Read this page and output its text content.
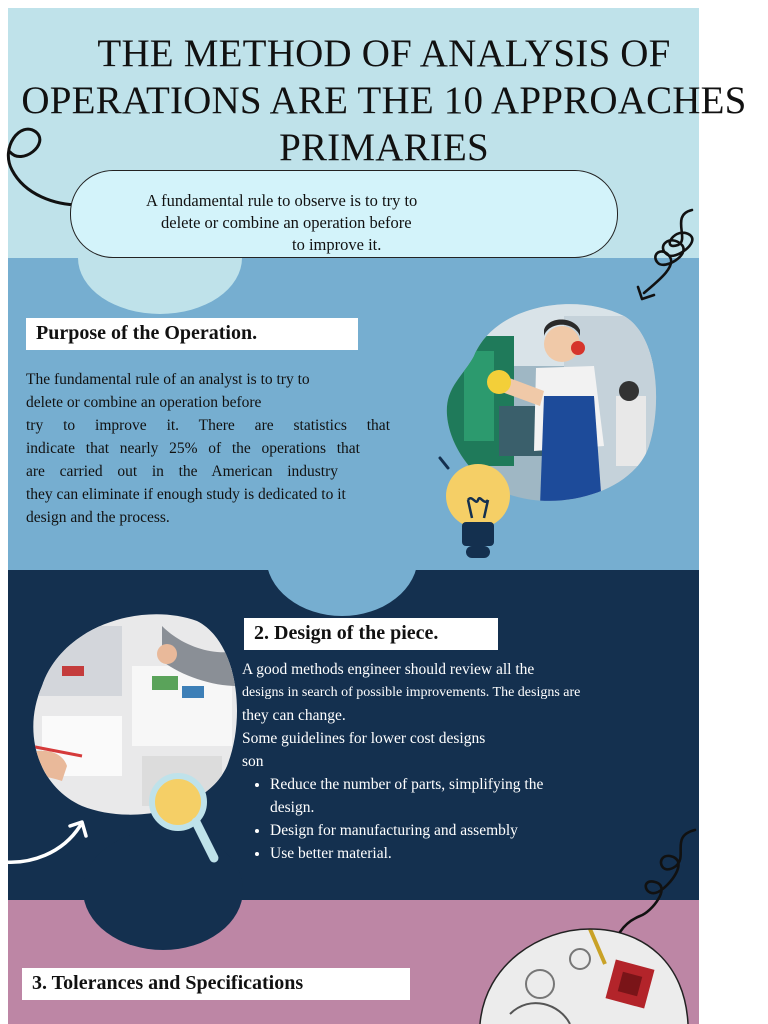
THE METHOD OF ANALYSIS OF
OPERATIONS ARE THE 10 APPROACHES
PRIMARIES
A fundamental rule to observe is to try to
delete or combine an operation before
to improve it.
Purpose of the Operation.
The fundamental rule of an analyst is to try to
delete or combine an operation before
try to improve it. There are statistics that
indicate that nearly 25% of the operations that
are carried out in the American industry
they can eliminate if enough study is dedicated to it
design and the process.
2. Design of the piece.
A good methods engineer should review all the
designs in search of possible improvements. The designs are
they can change.
Some guidelines for lower cost designs
son
• Reduce the number of parts, simplifying the design.
• Design for manufacturing and assembly
• Use better material.
3. Tolerances and Specifications
